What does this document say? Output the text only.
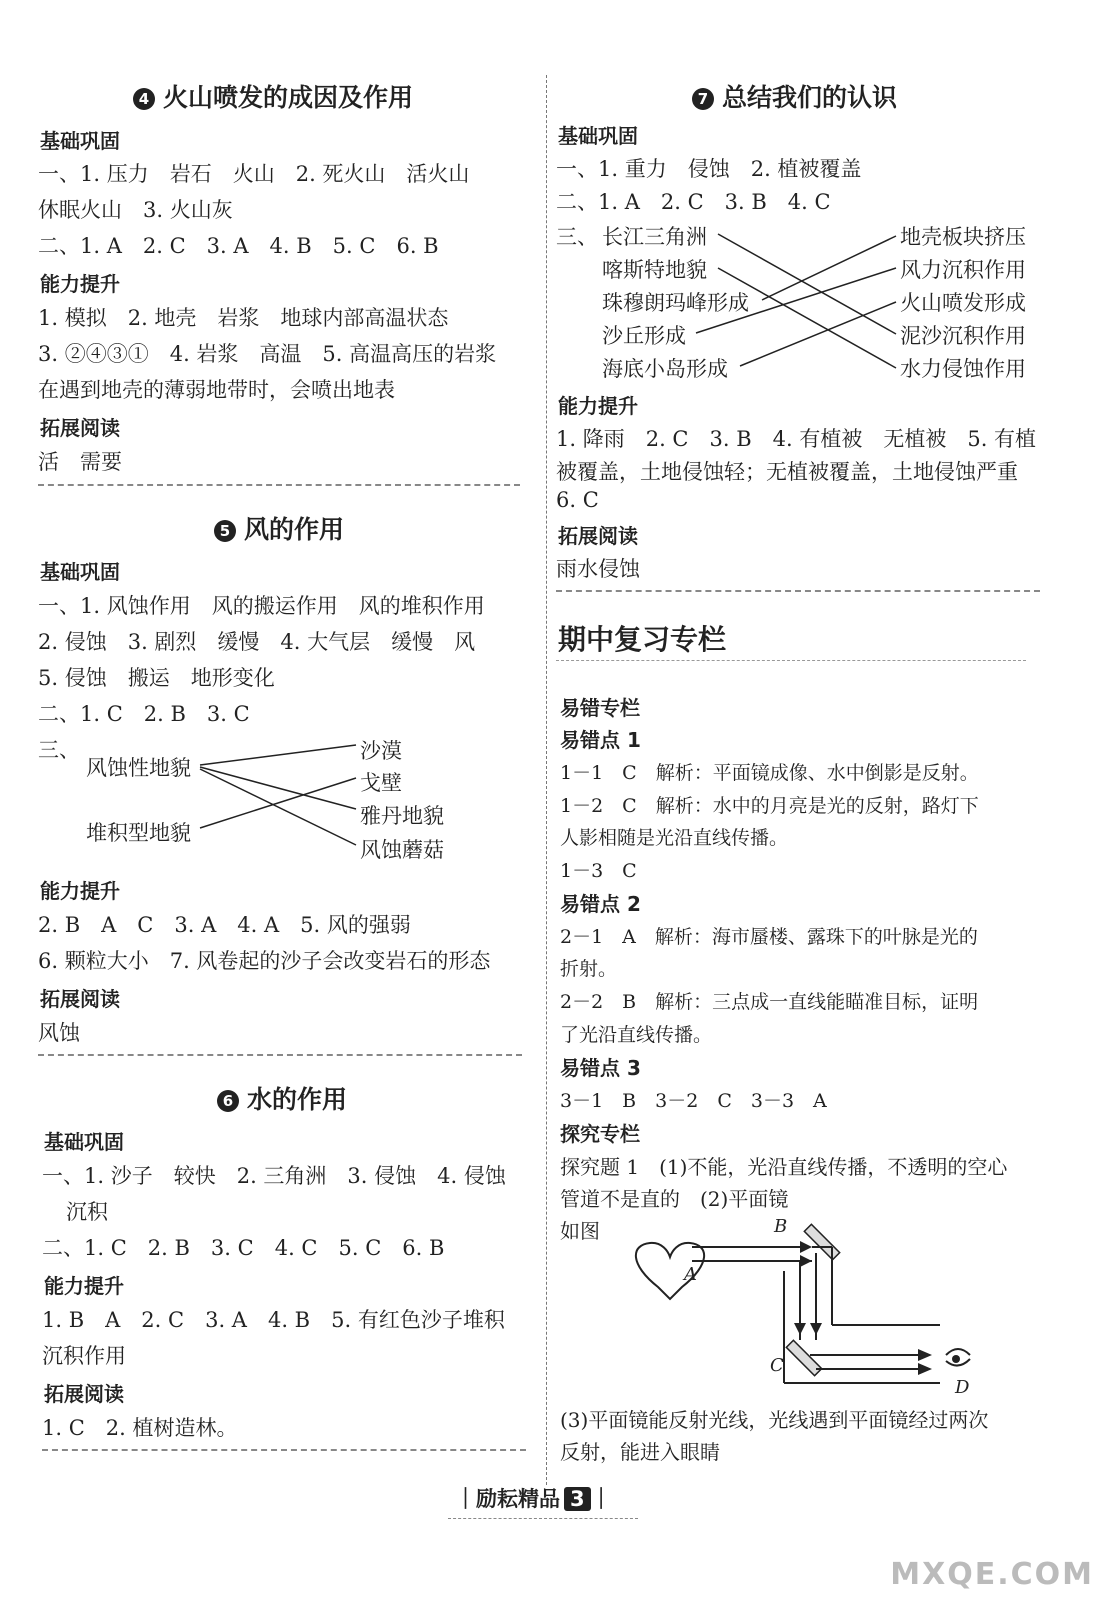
4 火山喷发的成因及作用
基础巩固
一、1. 压力　岩石　火山　2. 死火山　活火山
休眠火山　3. 火山灰
二、1. A　2. C　3. A　4. B　5. C　6. B
能力提升
1. 模拟　2. 地壳　岩浆　地球内部高温状态
3. ②④③①　4. 岩浆　高温　5. 高温高压的岩浆
在遇到地壳的薄弱地带时，会喷出地表
拓展阅读
活　需要
5 风的作用
基础巩固
一、1. 风蚀作用　风的搬运作用　风的堆积作用
2. 侵蚀　3. 剧烈　缓慢　4. 大气层　缓慢　风
5. 侵蚀　搬运　地形变化
二、1. C　2. B　3. C
三、
风蚀性地貌
堆积型地貌
沙漠
戈壁
雅丹地貌
风蚀蘑菇
能力提升
2. B　A　C　3. A　4. A　5. 风的强弱
6. 颗粒大小　7. 风卷起的沙子会改变岩石的形态
拓展阅读
风蚀
6 水的作用
基础巩固
一、1. 沙子　较快　2. 三角洲　3. 侵蚀　4. 侵蚀
沉积
二、1. C　2. B　3. C　4. C　5. C　6. B
能力提升
1. B　A　2. C　3. A　4. B　5. 有红色沙子堆积
沉积作用
拓展阅读
1. C　2. 植树造林。
7 总结我们的认识
基础巩固
一、1. 重力　侵蚀　2. 植被覆盖
二、1. A　2. C　3. B　4. C
三、 长江三角洲
喀斯特地貌
珠穆朗玛峰形成
沙丘形成
海底小岛形成
地壳板块挤压
风力沉积作用
火山喷发形成
泥沙沉积作用
水力侵蚀作用
能力提升
1. 降雨　2. C　3. B　4. 有植被　无植被　5. 有植
被覆盖，土地侵蚀轻；无植被覆盖，土地侵蚀严重
6. C
拓展阅读
雨水侵蚀
期中复习专栏
易错专栏
易错点 1
1－1　C　解析：平面镜成像、水中倒影是反射。
1－2　C　解析：水中的月亮是光的反射，路灯下
人影相随是光沿直线传播。
1－3　C
易错点 2
2－1　A　解析：海市蜃楼、露珠下的叶脉是光的
折射。
2－2　B　解析：三点成一直线能瞄准目标，证明
了光沿直线传播。
易错点 3
3－1　B　3－2　C　3－3　A
探究专栏
探究题 1　(1)不能，光沿直线传播，不透明的空心
管道不是直的　(2)平面镜
如图
A
B
C
D
(3)平面镜能反射光线，光线遇到平面镜经过两次
反射，能进入眼睛
｜励耘精品 3 ｜
MXQE.COM
